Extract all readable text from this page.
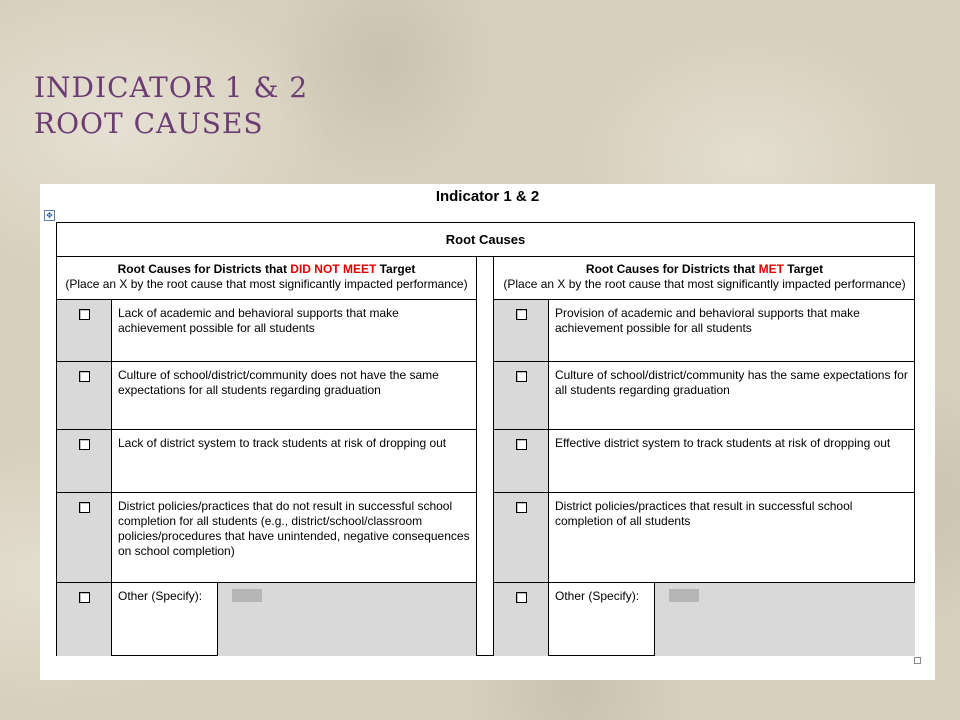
INDICATOR 1 & 2
ROOT CAUSES
Indicator 1 & 2
✥
Root Causes
Root Causes for Districts that DID NOT MEET Target
(Place an X by the root cause that most significantly impacted performance)
Lack of academic and behavioral supports that make achievement possible for all students
Culture of school/district/community does not have the same expectations for all students regarding graduation
Lack of district system to track students at risk of dropping out
District policies/practices that do not result in successful school completion for all students (e.g., district/school/classroom policies/procedures that have unintended, negative consequences on school completion)
Other (Specify):
Root Causes for Districts that MET Target
(Place an X by the root cause that most significantly impacted performance)
Provision of academic and behavioral supports that make achievement possible for all students
Culture of school/district/community has the same expectations for all students regarding graduation
Effective district system to track students at risk of dropping out
District policies/practices that result in successful school completion of all students
Other (Specify):
